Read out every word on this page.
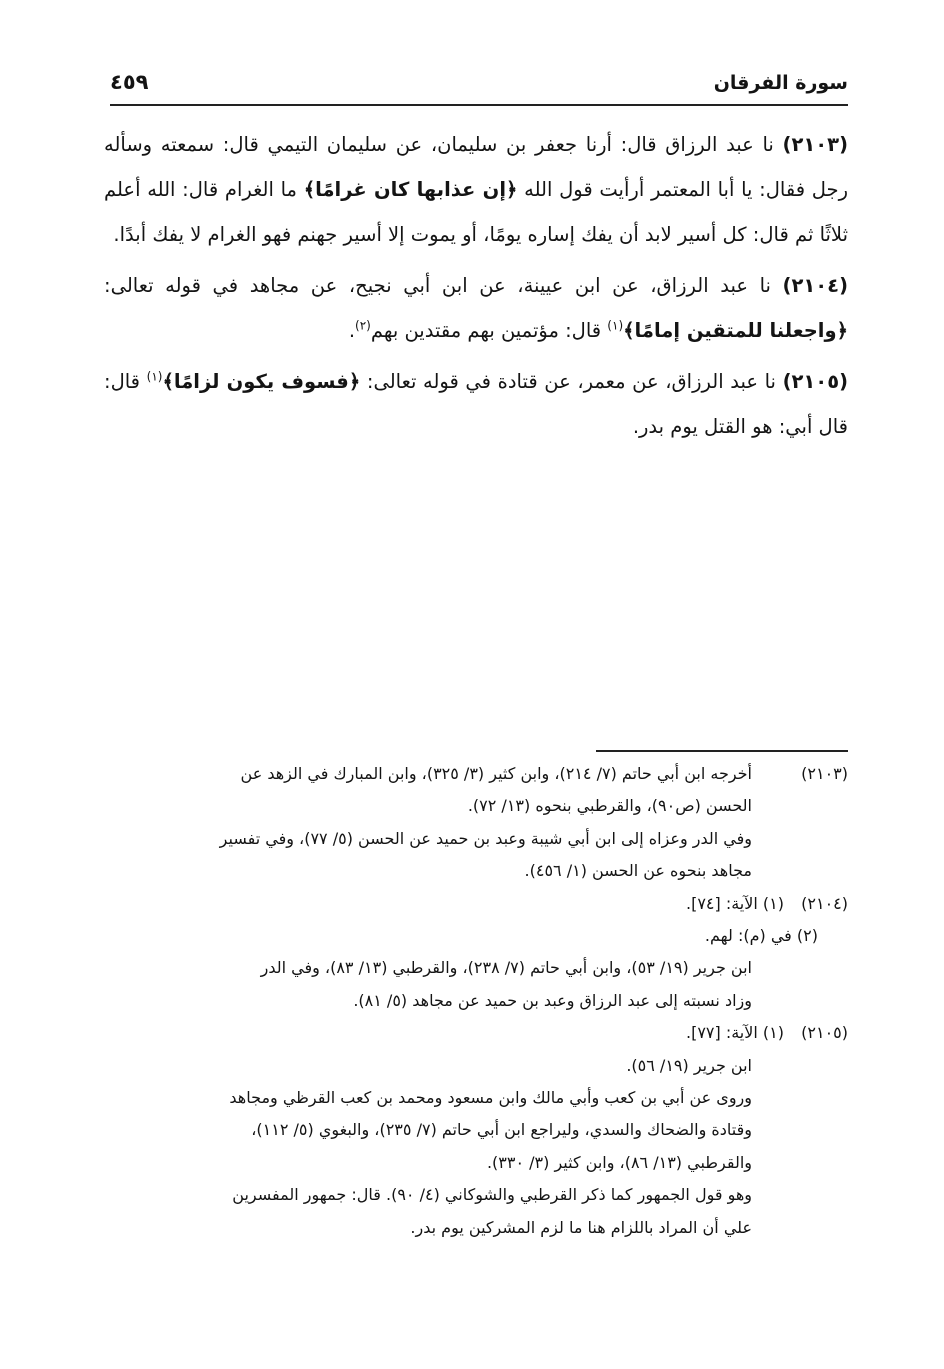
سورة الفرقان
٤٥٩

(٢١٠٣) نا عبد الرزاق قال: أرنا جعفر بن سليمان، عن سليمان التيمي قال: سمعته وسأله رجل فقال: يا أبا المعتمر أرأيت قول الله ﴿إن عذابها كان غرامًا﴾ ما الغرام قال: الله أعلم ثلاثًا ثم قال: كل أسير لابد أن يفك إساره يومًا، أو يموت إلا أسير جهنم فهو الغرام لا يفك أبدًا.

(٢١٠٤) نا عبد الرزاق، عن ابن عيينة، عن ابن أبي نجيح، عن مجاهد في قوله تعالى: ﴿واجعلنا للمتقين إمامًا﴾$^{(١)}$ قال: مؤتمين بهم مقتدين بهم$^{(٢)}$.

(٢١٠٥) نا عبد الرزاق، عن معمر، عن قتادة في قوله تعالى: ﴿فسوف يكون لزامًا﴾$^{(١)}$ قال: قال أبي: هو القتل يوم بدر.

(٢١٠٣)

أخرجه ابن أبي حاتم (٧/ ٢١٤)، وابن كثير (٣/ ٣٢٥)، وابن المبارك في الزهد عن

الحسن (ص٩٠)، والقرطبي بنحوه (١٣/ ٧٢).

وفي الدر وعزاه إلى ابن أبي شيبة وعبد بن حميد عن الحسن (٥/ ٧٧)، وفي تفسير

مجاهد بنحوه عن الحسن (١/ ٤٥٦).

(٢١٠٤)

(١) الآية: [٧٤].

(٢) في (م): لهم.

ابن جرير (١٩/ ٥٣)، وابن أبي حاتم (٧/ ٢٣٨)، والقرطبي (١٣/ ٨٣)، وفي الدر

وزاد نسبته إلى عبد الرزاق وعبد بن حميد عن مجاهد (٥/ ٨١).

(٢١٠٥)

(١) الآية: [٧٧].

ابن جرير (١٩/ ٥٦).

وروى عن أبي بن كعب وأبي مالك وابن مسعود ومحمد بن كعب القرظي ومجاهد

وقتادة والضحاك والسدي، وليراجع ابن أبي حاتم (٧/ ٢٣٥)، والبغوي (٥/ ١١٢)،

والقرطبي (١٣/ ٨٦)، وابن كثير (٣/ ٣٣٠).

وهو قول الجمهور كما ذكر القرطبي والشوكاني (٤/ ٩٠). قال: جمهور المفسرين

علي أن المراد باللزام هنا ما لزم المشركين يوم بدر.
